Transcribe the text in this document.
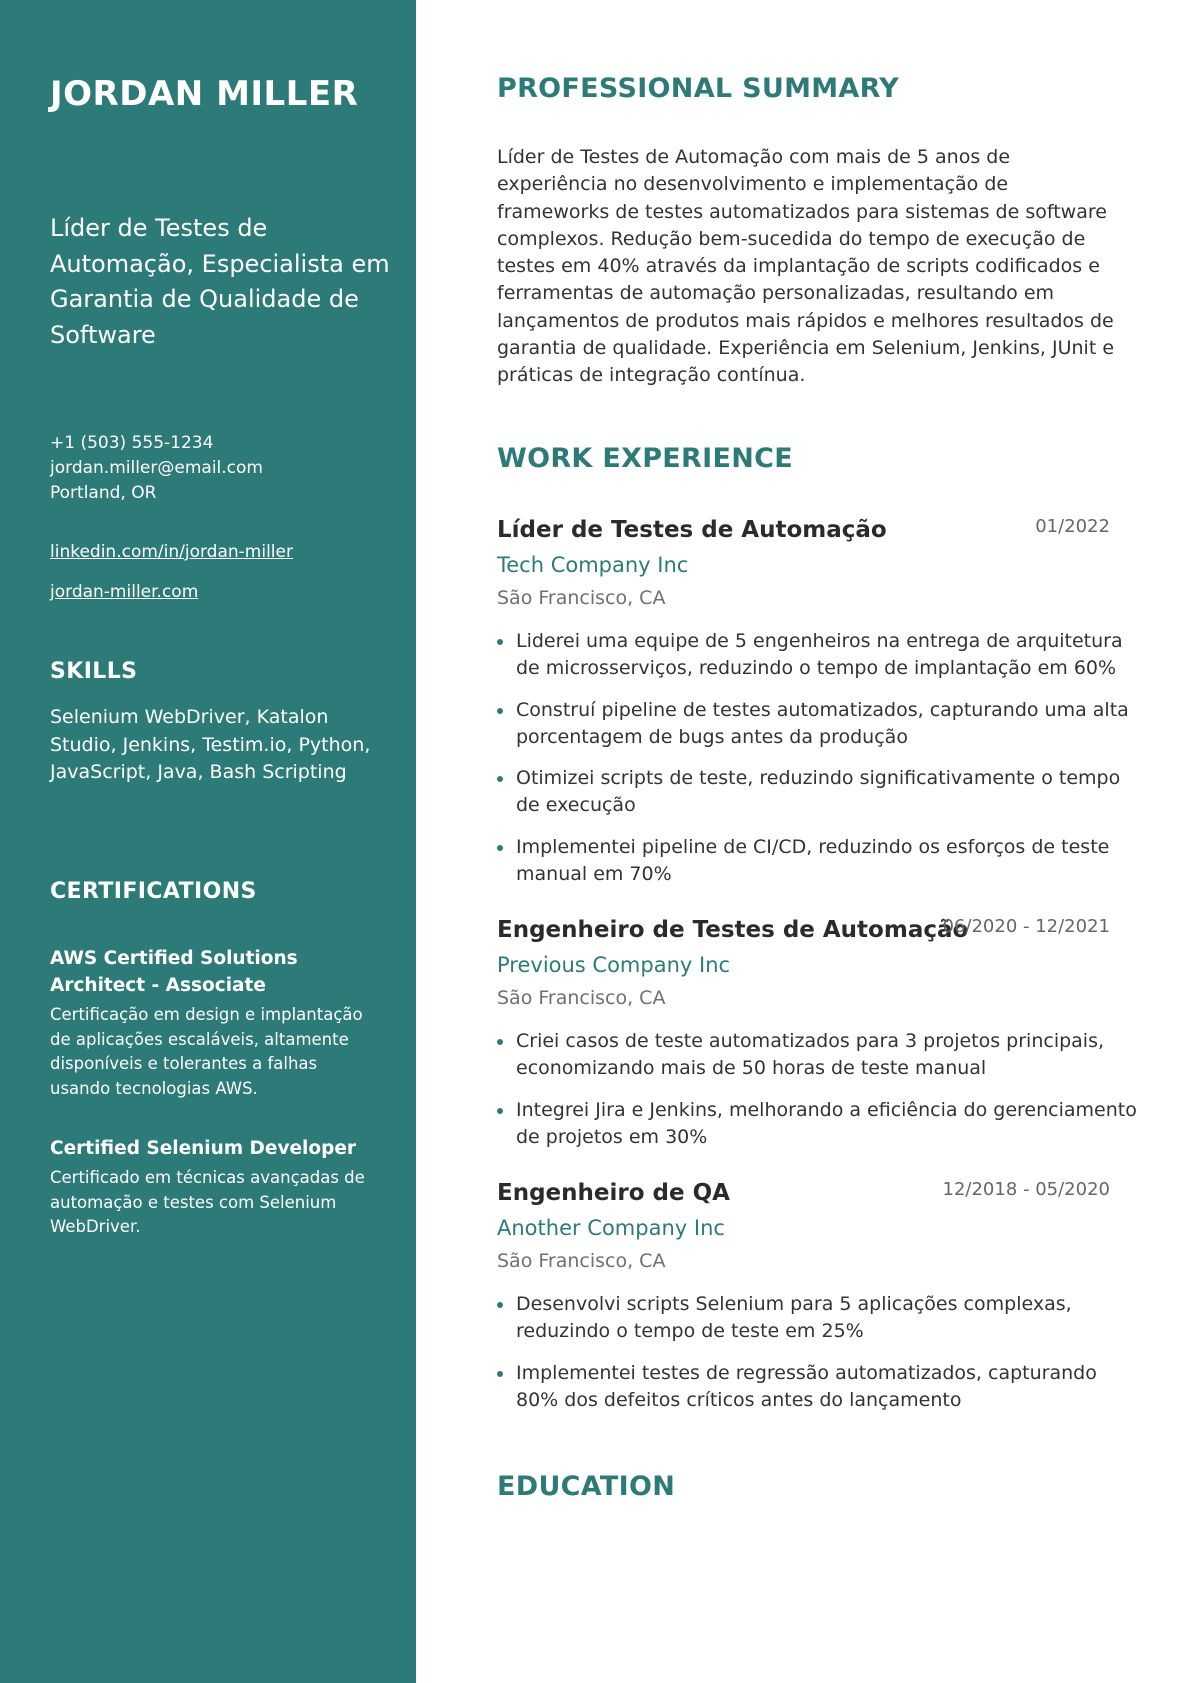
JORDAN MILLER
Líder de Testes de Automação, Especialista em Garantia de Qualidade de Software
+1 (503) 555-1234
jordan.miller@email.com
Portland, OR
linkedin.com/in/jordan-miller
jordan-miller.com
SKILLS
Selenium WebDriver, Katalon Studio, Jenkins, Testim.io, Python, JavaScript, Java, Bash Scripting
CERTIFICATIONS
AWS Certified Solutions Architect - Associate
Certificação em design e implantação de aplicações escaláveis, altamente disponíveis e tolerantes a falhas usando tecnologias AWS.
Certified Selenium Developer
Certificado em técnicas avançadas de automação e testes com Selenium WebDriver.
PROFESSIONAL SUMMARY
Líder de Testes de Automação com mais de 5 anos de experiência no desenvolvimento e implementação de frameworks de testes automatizados para sistemas de software complexos. Redução bem-sucedida do tempo de execução de testes em 40% através da implantação de scripts codificados e ferramentas de automação personalizadas, resultando em lançamentos de produtos mais rápidos e melhores resultados de garantia de qualidade. Experiência em Selenium, Jenkins, JUnit e práticas de integração contínua.
WORK EXPERIENCE
Líder de Testes de Automação	01/2022
Tech Company Inc
São Francisco, CA
Liderei uma equipe de 5 engenheiros na entrega de arquitetura de microsserviços, reduzindo o tempo de implantação em 60%
Construí pipeline de testes automatizados, capturando uma alta porcentagem de bugs antes da produção
Otimizei scripts de teste, reduzindo significativamente o tempo de execução
Implementei pipeline de CI/CD, reduzindo os esforços de teste manual em 70%
Engenheiro de Testes de Automação
06/2020 - 12/2021
Previous Company Inc
São Francisco, CA
Criei casos de teste automatizados para 3 projetos principais, economizando mais de 50 horas de teste manual
Integrei Jira e Jenkins, melhorando a eficiência do gerenciamento de projetos em 30%
Engenheiro de QA	12/2018 - 05/2020
Another Company Inc
São Francisco, CA
Desenvolvi scripts Selenium para 5 aplicações complexas, reduzindo o tempo de teste em 25%
Implementei testes de regressão automatizados, capturando 80% dos defeitos críticos antes do lançamento
EDUCATION
